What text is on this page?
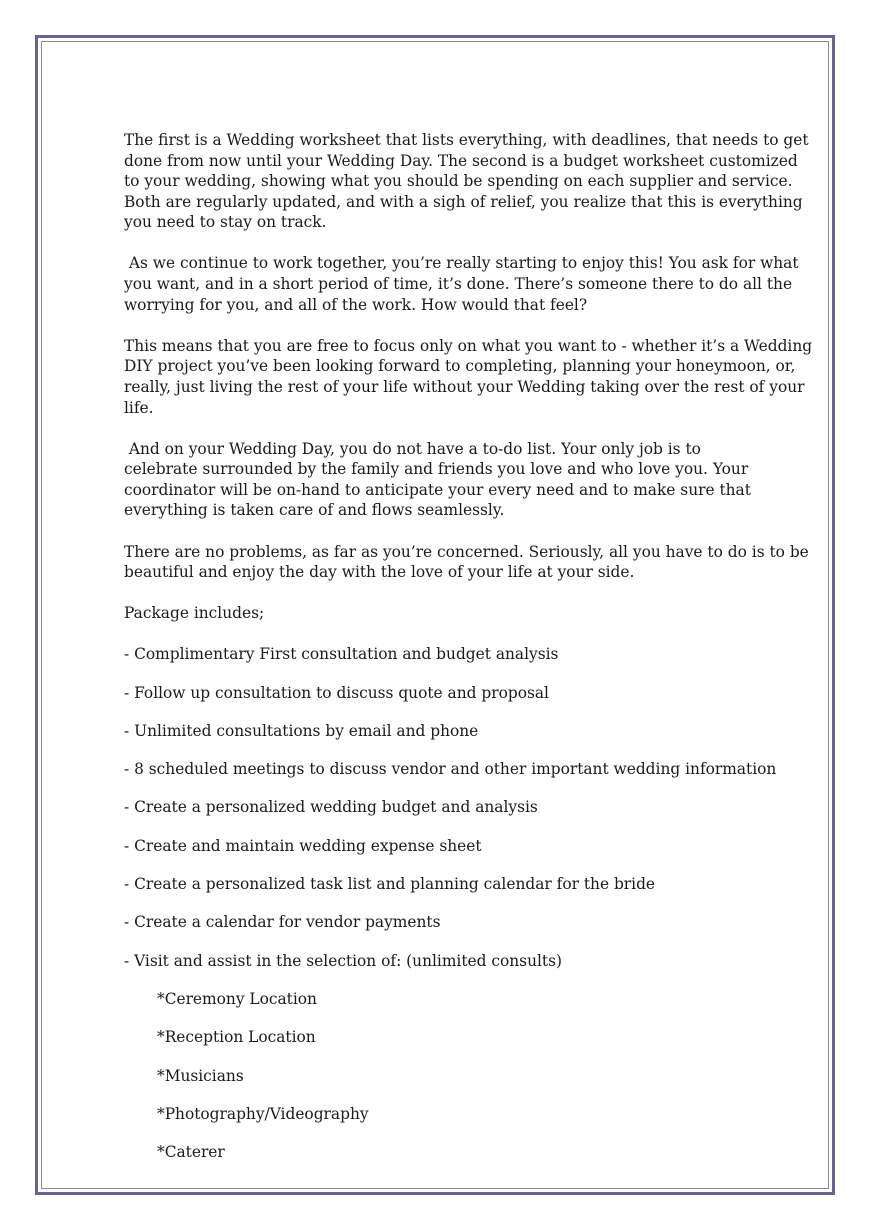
The first is a Wedding worksheet that lists everything, with deadlines, that needs to get
done from now until your Wedding Day. The second is a budget worksheet customized
to your wedding, showing what you should be spending on each supplier and service.
Both are regularly updated, and with a sigh of relief, you realize that this is everything
you need to stay on track.
As we continue to work together, you’re really starting to enjoy this! You ask for what
you want, and in a short period of time, it’s done. There’s someone there to do all the
worrying for you, and all of the work. How would that feel?
This means that you are free to focus only on what you want to - whether it’s a Wedding
DIY project you’ve been looking forward to completing, planning your honeymoon, or,
really, just living the rest of your life without your Wedding taking over the rest of your
life.
And on your Wedding Day, you do not have a to-do list. Your only job is to
celebrate surrounded by the family and friends you love and who love you. Your
coordinator will be on-hand to anticipate your every need and to make sure that
everything is taken care of and flows seamlessly.
There are no problems, as far as you’re concerned. Seriously, all you have to do is to be
beautiful and enjoy the day with the love of your life at your side.
Package includes;
- Complimentary First consultation and budget analysis
- Follow up consultation to discuss quote and proposal
- Unlimited consultations by email and phone
- 8 scheduled meetings to discuss vendor and other important wedding information
- Create a personalized wedding budget and analysis
- Create and maintain wedding expense sheet
- Create a personalized task list and planning calendar for the bride
- Create a calendar for vendor payments
- Visit and assist in the selection of: (unlimited consults)
*Ceremony Location
*Reception Location
*Musicians
*Photography/Videography
*Caterer
